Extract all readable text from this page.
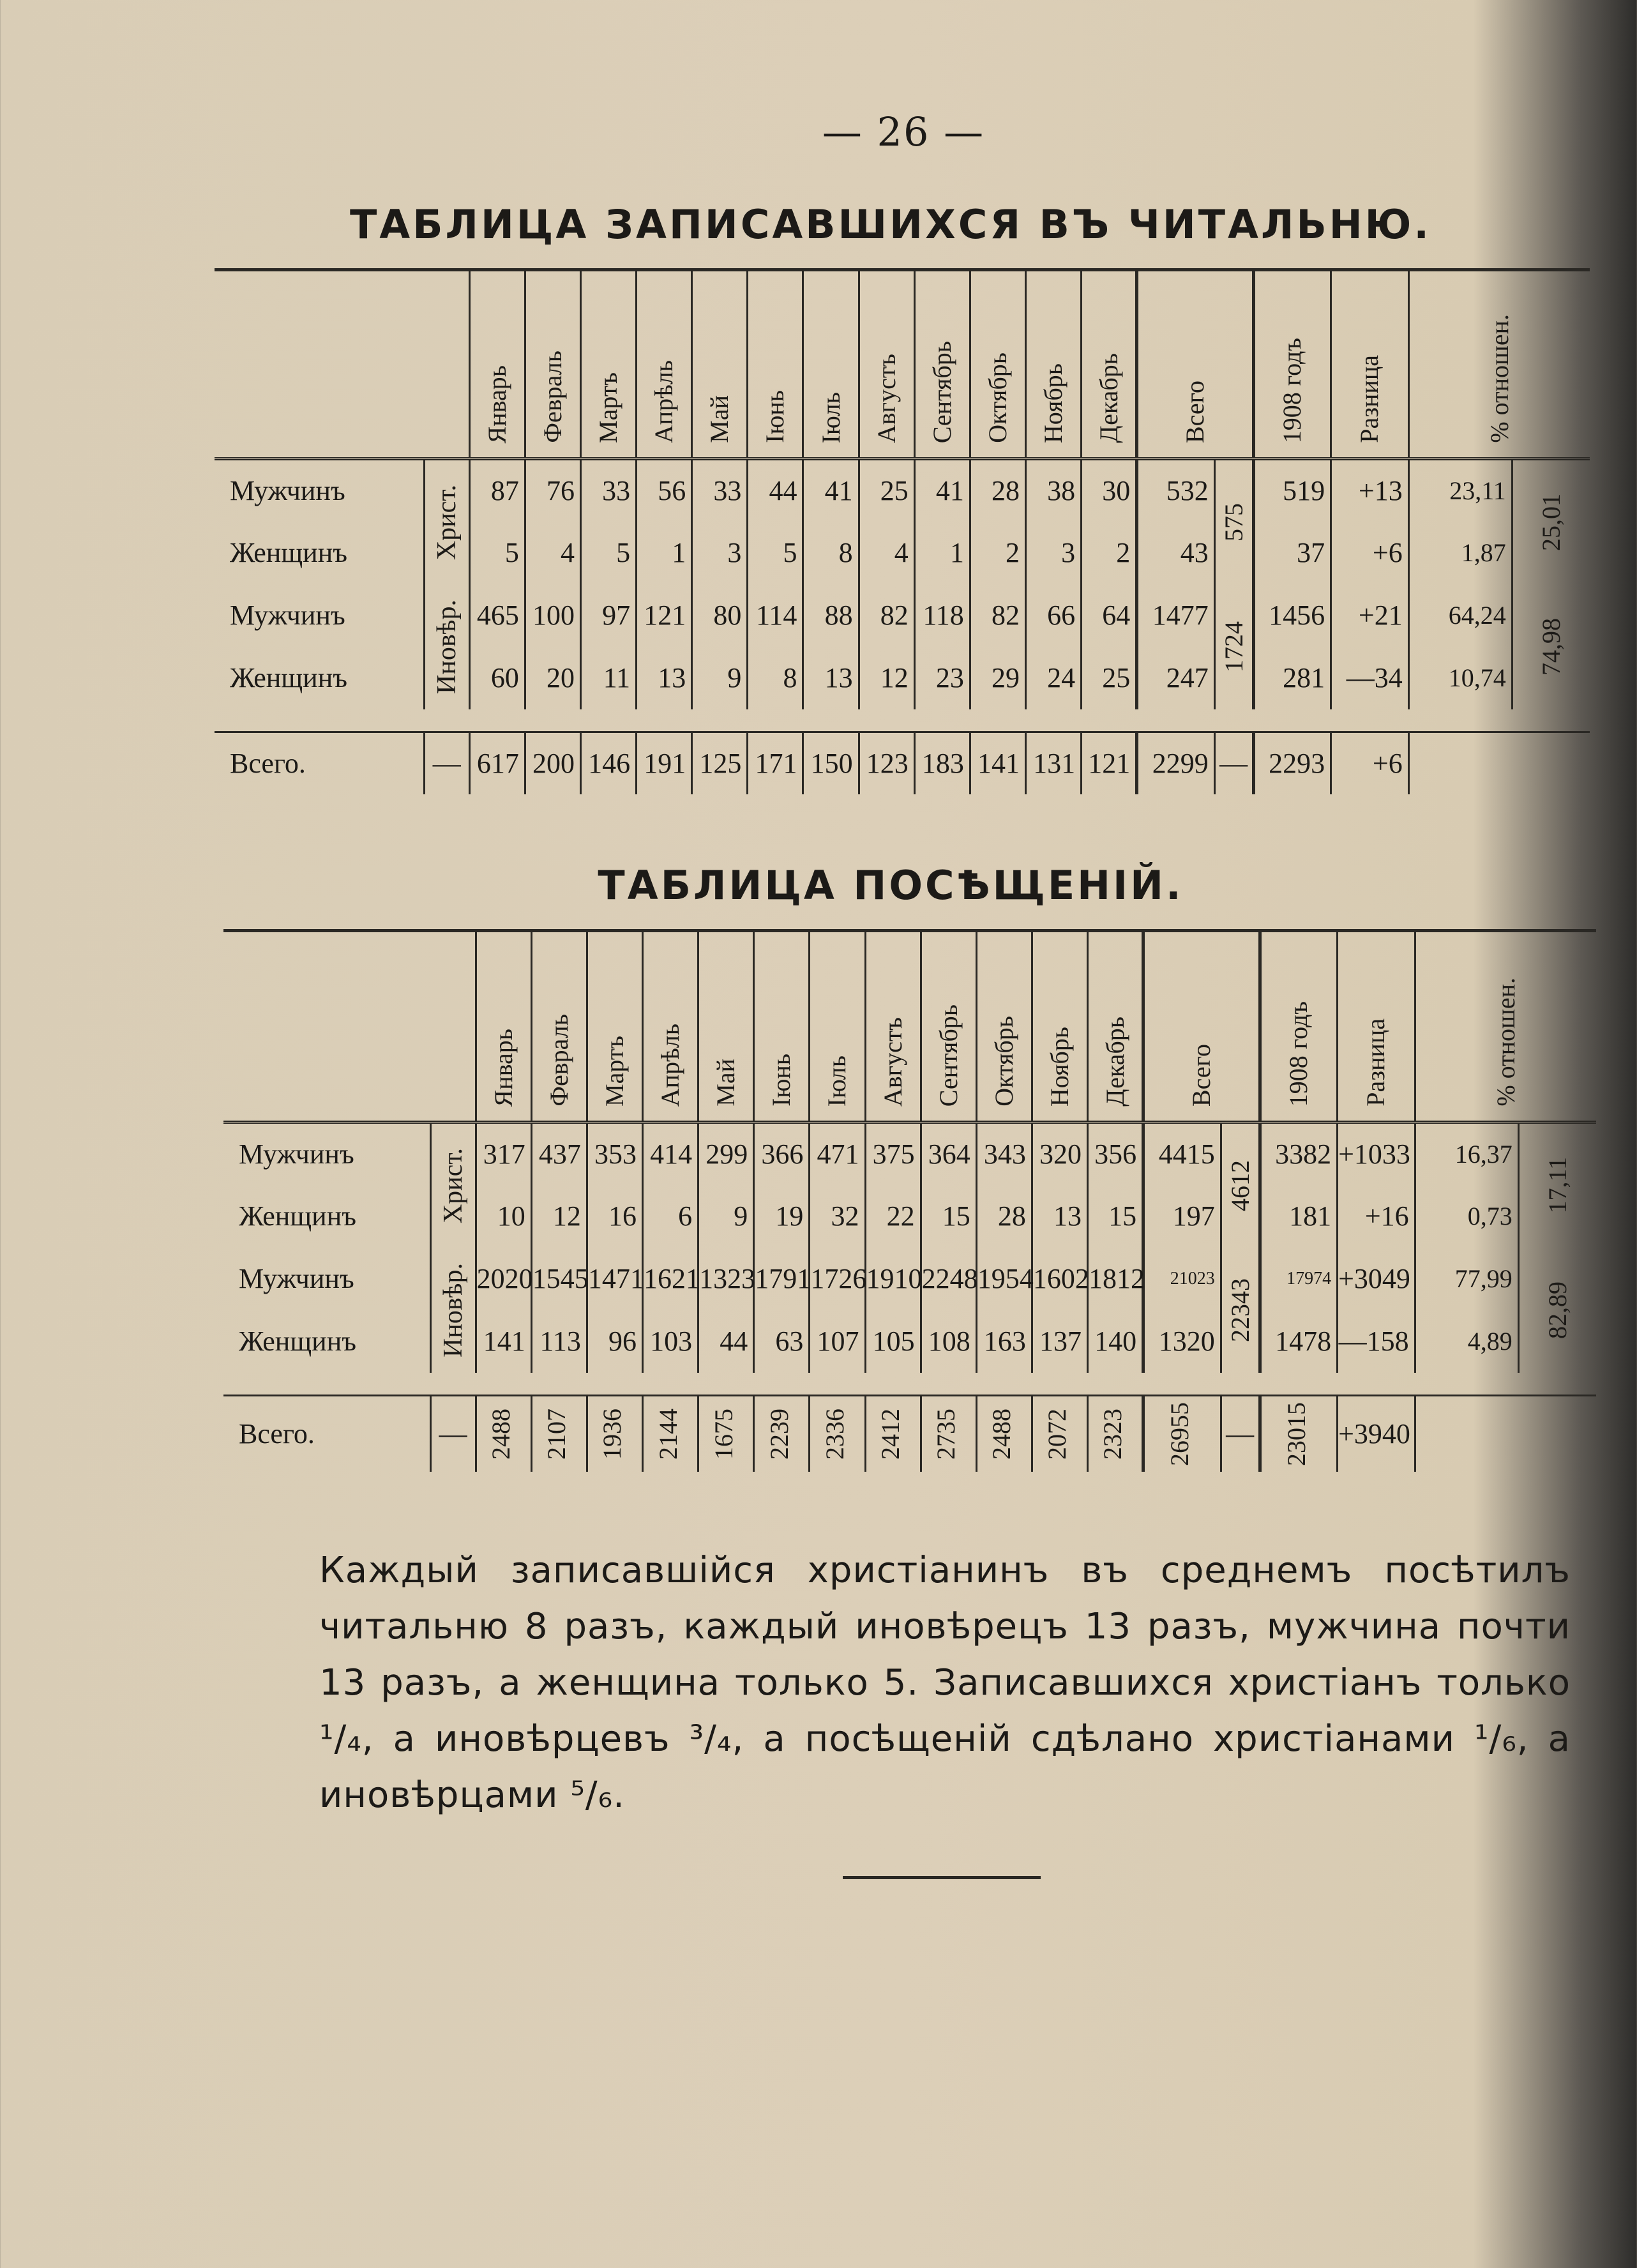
— 26 —
ТАБЛИЦА ЗАПИСАВШИХСЯ ВЪ ЧИТАЛЬНЮ.

		Январь	Февраль	Мартъ	Апрѣль	Май	Іюнь	Іюль	Августъ	Сентябрь	Октябрь	Ноябрь	Декабрь	Всего		1908 годъ	Разница	% отношен.	

Мужчинъ	Христ.	87	76	33	56	33	44	41	25	41	28	38	30	532	575	519	+13	23,11	25,01

Женщинъ		5	4	5	1	3	5	8	4	1	2	3	2	43		37	+6	1,87	
Мужчинъ	Иновѣр.	465	100	97	121	80	114	88	82	118	82	66	64	1477	1724	1456	+21	64,24	74,98

Женщинъ		60	20	11	13	9	8	13	12	23	29	24	25	247		281	—34	10,74	

Всего.	—	617	200	146	191	125	171	150	123	183	141	131	121	2299	—	2293	+6		
ТАБЛИЦА ПОСѢЩЕНІЙ.

		Январь	Февраль	Мартъ	Апрѣль	Май	Іюнь	Іюль	Августъ	Сентябрь	Октябрь	Ноябрь	Декабрь	Всего		1908 годъ	Разница	% отношен.	

Мужчинъ	Христ.	317	437	353	414	299	366	471	375	364	343	320	356	4415	4612	3382	+1033	16,37	17,11

Женщинъ		10	12	16	6	9	19	32	22	15	28	13	15	197		181	+16	0,73	
Мужчинъ	Иновѣр.	2020	1545	1471	1621	1323	1791	1726	1910	2248	1954	1602	1812	21023	22343	17974	+3049	77,99	82,89

Женщинъ		141	113	96	103	44	63	107	105	108	163	137	140	1320		1478	—158	4,89	

Всего.	—	2488	2107	1936	2144	1675	2239	2336	2412	2735	2488	2072	2323	26955	—	23015	+3940		

Каждый записавшійся христіанинъ въ среднемъ посѣтилъ читальню 8 разъ, каждый иновѣрецъ 13 разъ, мужчина почти 13 разъ, а женщина только 5. Записавшихся христіанъ только ¹/₄, а иновѣрцевъ ³/₄, а посѣщеній сдѣлано христіанами ¹/₆, а иновѣрцами ⁵/₆.
